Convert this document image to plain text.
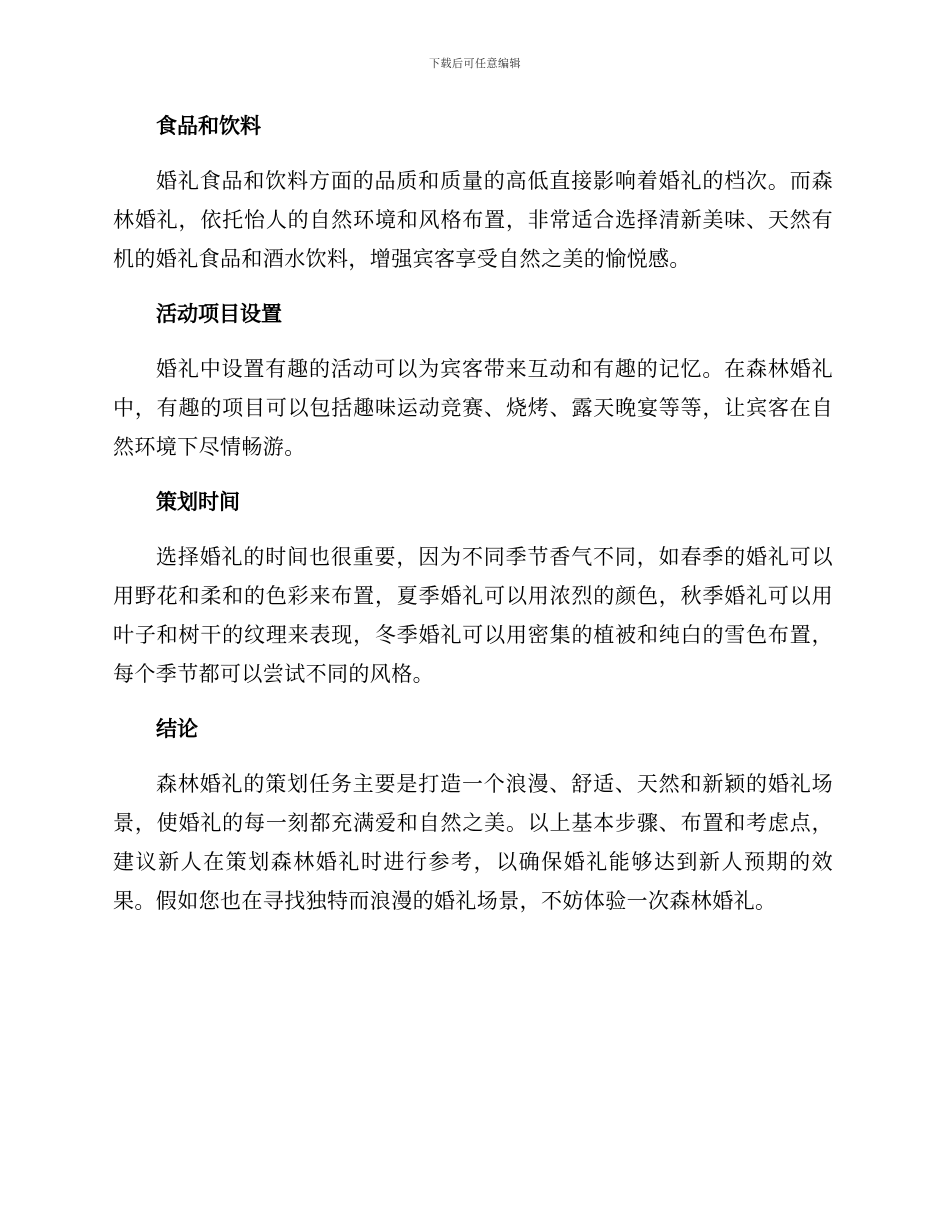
下载后可任意编辑
食品和饮料

婚礼食品和饮料方面的品质和质量的高低直接影响着婚礼的档次。而森林婚礼，依托怡人的自然环境和风格布置，非常适合选择清新美味、天然有机的婚礼食品和酒水饮料，增强宾客享受自然之美的愉悦感。

活动项目设置

婚礼中设置有趣的活动可以为宾客带来互动和有趣的记忆。在森林婚礼中，有趣的项目可以包括趣味运动竞赛、烧烤、露天晚宴等等，让宾客在自然环境下尽情畅游。

策划时间

选择婚礼的时间也很重要，因为不同季节香气不同，如春季的婚礼可以用野花和柔和的色彩来布置，夏季婚礼可以用浓烈的颜色，秋季婚礼可以用叶子和树干的纹理来表现，冬季婚礼可以用密集的植被和纯白的雪色布置，每个季节都可以尝试不同的风格。

结论

森林婚礼的策划任务主要是打造一个浪漫、舒适、天然和新颖的婚礼场景，使婚礼的每一刻都充满爱和自然之美。以上基本步骤、布置和考虑点，建议新人在策划森林婚礼时进行参考，以确保婚礼能够达到新人预期的效果。假如您也在寻找独特而浪漫的婚礼场景，不妨体验一次森林婚礼。
